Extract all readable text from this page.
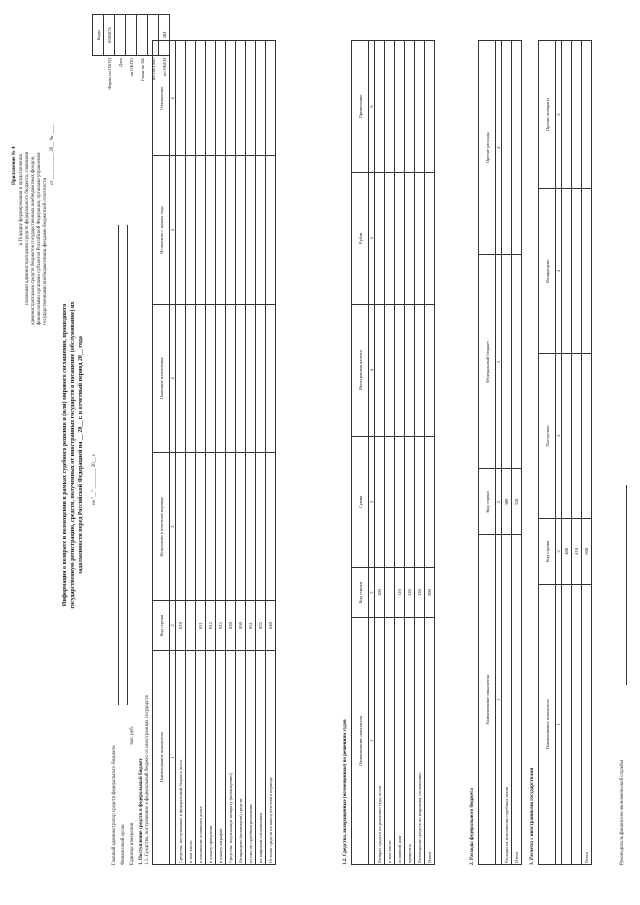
Приложение № 4 к Порядку формирования и представления главными администраторами средств федерального бюджета, главными администраторами средств бюджетов государственных внебюджетных фондов, финансовыми органами субъектов Российской Федерации, органами управления государственными внебюджетными фондами бюджетной отчетности
от __ ________ 20__ № ____
Информация о возврате и возмещении в рамках судебного решения и (или) мирового соглашения, прошедшего государственную регистрацию, средств, полученных от иностранных государств в погашение (обслуживание) их задолженности перед Российской Федерацией на __ 20__ г. в отчетный период 20__ года на "__" ________ 20__ г.
	Коды
Форма по ОКУД	0503876
Дата	
по ОКПО	
Глава по БК	
по ОКТМО	
по ОКЕИ	384
Главный администратор средств федерального бюджета Финансовый орган Единица измерения
тыс. руб.
1. Поступление средств в федеральный бюджет 1.1. Средства, поступившие в федеральный бюджет от иностранных государств Наименование показателя	Код строки	Исполнено в отчетном периоде	Плановые назначения	Исполнено с начала года	Отклонение
1	2	3	4	5	6
Средства, поступившие в федеральный бюджет, всего	010				
в том числе:					
в погашение основного долга	011				
в уплату процентов	012				
в уплату штрафов	013				
Средства, подлежащие возврату (возмещению)	020				
Возвращено (возмещено) средств	030				
из них по судебным решениям	031				
по мировым соглашениям	032				
Остаток средств на конец отчетного периода	040				
1.2. Средства, возвращенные (возмещенные) по решениям судов Наименование показателя	Код строки	Сумма	Иностранная валюта	Рубли	Примечание
1	2	3	4	5	6
Возврат средств по решению суда, всего	100				
в том числе:					
основной долг	110				
проценты	120				
Возмещение средств по мировому соглашению	130				
Итого	200				
2. Расходы федерального бюджета
Наименование показателя	Код строки	Федеральный бюджет	Прочие расходы
1	2	3	4
Расходы на исполнение судебных актов	300		
Итого	310		
3. Расчеты с иностранными государствами
Наименование показателя	Код строки	Поступило	Возвращено	Прочие возвраты
1	2	3	4	5
	400			
	410			
Всего	500			
Руководитель финансово-экономической службы
